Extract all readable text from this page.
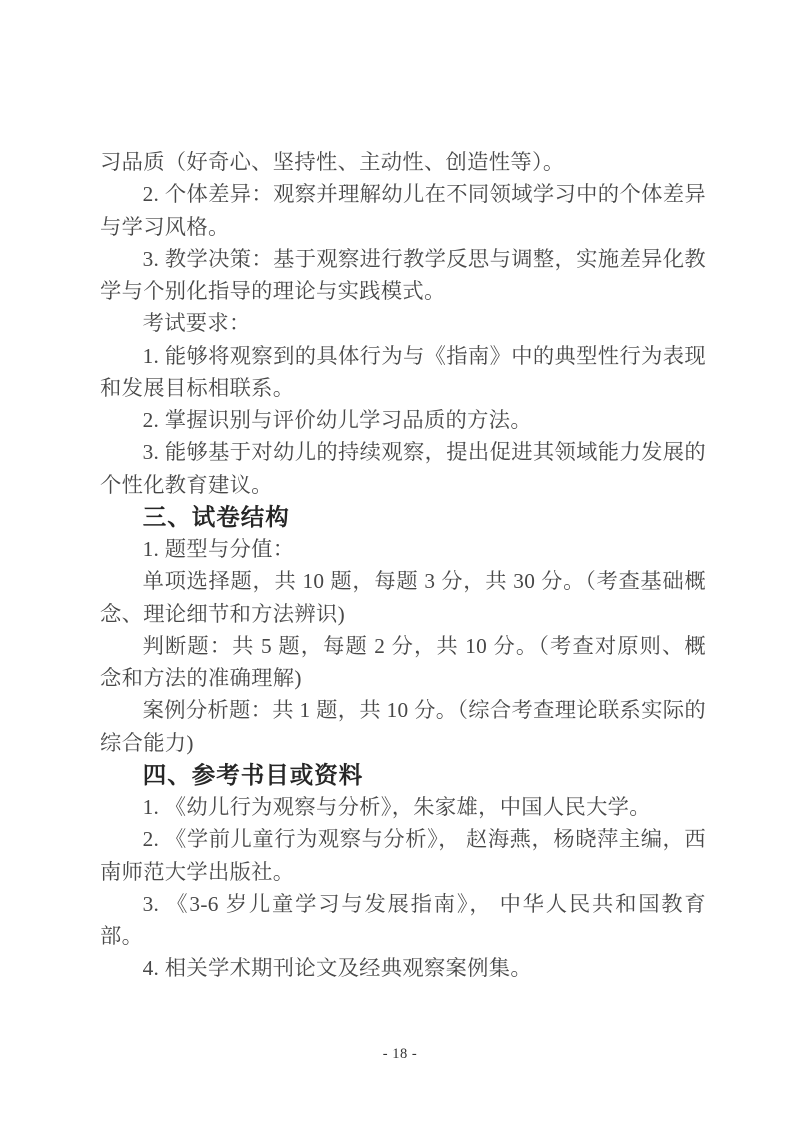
习品质（好奇心、坚持性、主动性、创造性等）。

2. 个体差异：观察并理解幼儿在不同领域学习中的个体差异与学习风格。

3. 教学决策：基于观察进行教学反思与调整，实施差异化教学与个别化指导的理论与实践模式。

考试要求：

1. 能够将观察到的具体行为与《指南》中的典型性行为表现和发展目标相联系。

2. 掌握识别与评价幼儿学习品质的方法。

3. 能够基于对幼儿的持续观察，提出促进其领域能力发展的个性化教育建议。

三、试卷结构

1. 题型与分值：

单项选择题，共 10 题，每题 3 分，共 30 分。（考查基础概念、理论细节和方法辨识)

判断题：共 5 题，每题 2 分，共 10 分。（考查对原则、概念和方法的准确理解)

案例分析题：共 1 题，共 10 分。（综合考查理论联系实际的综合能力)

四、参考书目或资料

1. 《幼儿行为观察与分析》，朱家雄，中国人民大学。

2. 《学前儿童行为观察与分析》， 赵海燕，杨晓萍主编，西南师范大学出版社。

3. 《3-6 岁儿童学习与发展指南》， 中华人民共和国教育部。

4. 相关学术期刊论文及经典观察案例集。

- 18 -
